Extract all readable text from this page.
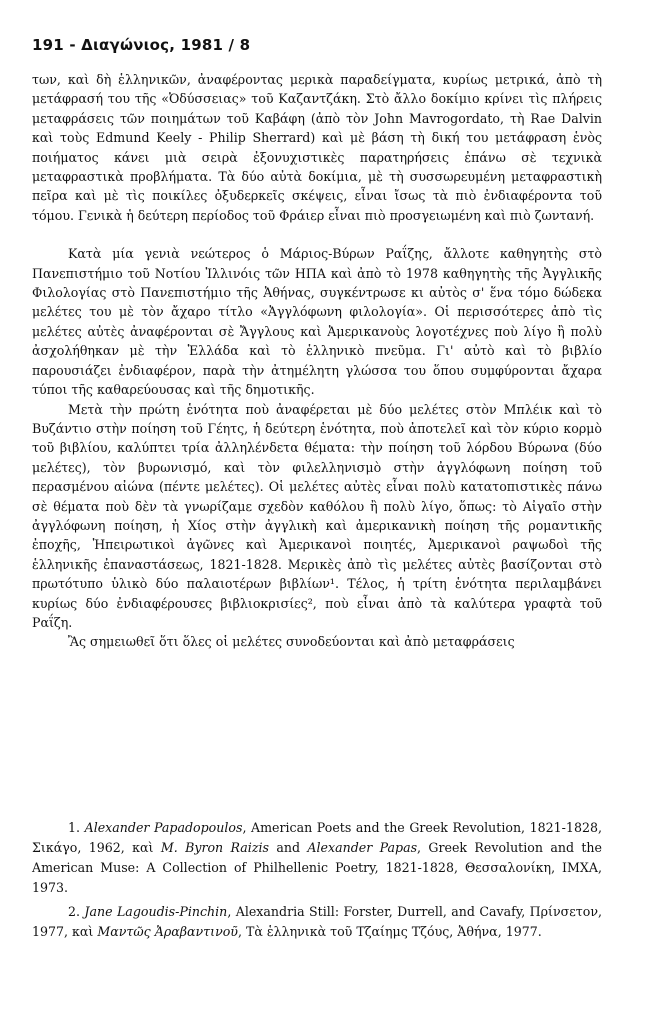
191 - Διαγώνιος, 1981 / 8

των, καὶ δὴ ἑλληνικῶν, ἀναφέροντας μερικὰ παραδείγματα, κυρίως μετρικά, ἀπὸ τὴ μετάφρασή του τῆς «Ὀδύσσειας» τοῦ Καζαντζάκη. Στὸ ἄλλο δοκίμιο κρίνει τὶς πλήρεις μεταφράσεις τῶν ποιημάτων τοῦ Καβάφη (ἀπὸ τὸν John Mavrogordato, τὴ Rae Dalvin καὶ τοὺς Edmund Keely - Philip Sherrard) καὶ μὲ βάση τὴ δική του μετάφραση ἑνὸς ποιήματος κάνει μιὰ σειρὰ ἐξονυχιστικὲς παρατηρήσεις ἐπάνω σὲ τεχνικὰ μεταφραστικὰ προβλήματα. Τὰ δύο αὐτὰ δοκίμια, μὲ τὴ συσσωρευμένη μεταφραστικὴ πεῖρα καὶ μὲ τὶς ποικίλες ὀξυδερκεῖς σκέψεις, εἶναι ἴσως τὰ πιὸ ἐνδιαφέροντα τοῦ τόμου. Γενικὰ ἡ δεύτερη περίοδος τοῦ Φράιερ εἶναι πιὸ προσγειωμένη καὶ πιὸ ζωντανή.

Κατὰ μία γενιὰ νεώτερος ὁ Μάριος-Βύρων Ραΐζης, ἄλλοτε καθηγητὴς στὸ Πανεπιστήμιο τοῦ Νοτίου Ἰλλινόις τῶν ΗΠΑ καὶ ἀπὸ τὸ 1978 καθηγητὴς τῆς Ἀγγλικῆς Φιλολογίας στὸ Πανεπιστήμιο τῆς Ἀθήνας, συγκέντρωσε κι αὐτὸς σ' ἕνα τόμο δώδεκα μελέτες του μὲ τὸν ἄχαρο τίτλο «Ἀγγλόφωνη φιλολογία». Οἱ περισσότερες ἀπὸ τὶς μελέτες αὐτὲς ἀναφέρονται σὲ Ἄγγλους καὶ Ἀμερικανοὺς λογοτέχνες ποὺ λίγο ἢ πολὺ ἀσχολήθηκαν μὲ τὴν Ἑλλάδα καὶ τὸ ἑλληνικὸ πνεῦμα. Γι' αὐτὸ καὶ τὸ βιβλίο παρουσιάζει ἐνδιαφέρον, παρὰ τὴν ἀτημέλητη γλώσσα του ὅπου συμφύρονται ἄχαρα τύποι τῆς καθαρεύουσας καὶ τῆς δημοτικῆς.

Μετὰ τὴν πρώτη ἑνότητα ποὺ ἀναφέρεται μὲ δύο μελέτες στὸν Μπλέικ καὶ τὸ Βυζάντιο στὴν ποίηση τοῦ Γέητς, ἡ δεύτερη ἑνότητα, ποὺ ἀποτελεῖ καὶ τὸν κύριο κορμὸ τοῦ βιβλίου, καλύπτει τρία ἀλληλένδετα θέματα: τὴν ποίηση τοῦ λόρδου Βύρωνα (δύο μελέτες), τὸν βυρωνισμό, καὶ τὸν φιλελληνισμὸ στὴν ἀγγλόφωνη ποίηση τοῦ περασμένου αἰώνα (πέντε μελέτες). Οἱ μελέτες αὐτὲς εἶναι πολὺ κατατοπιστικὲς πάνω σὲ θέματα ποὺ δὲν τὰ γνωρίζαμε σχεδὸν καθόλου ἢ πολὺ λίγο, ὅπως: τὸ Αἰγαῖο στὴν ἀγγλόφωνη ποίηση, ἡ Χίος στὴν ἀγγλικὴ καὶ ἀμερικανικὴ ποίηση τῆς ρομαντικῆς ἐποχῆς, Ἠπειρωτικοὶ ἀγῶνες καὶ Ἀμερικανοὶ ποιητές, Ἀμερικανοὶ ραψωδοὶ τῆς ἑλληνικῆς ἐπαναστάσεως, 1821-1828. Μερικὲς ἀπὸ τὶς μελέτες αὐτὲς βασίζονται στὸ πρωτότυπο ὑλικὸ δύο παλαιοτέρων βιβλίων¹. Τέλος, ἡ τρίτη ἑνότητα περιλαμβάνει κυρίως δύο ἐνδιαφέρουσες βιβλιοκρισίες², ποὺ εἶναι ἀπὸ τὰ καλύτερα γραφτὰ τοῦ Ραΐζη.

Ἂς σημειωθεῖ ὅτι ὅλες οἱ μελέτες συνοδεύονται καὶ ἀπὸ μεταφράσεις

1. Alexander Papadopoulos, American Poets and the Greek Revolution, 1821-1828, Σικάγο, 1962, καὶ M. Byron Raizis and Alexander Papas, Greek Revolution and the American Muse: A Collection of Philhellenic Poetry, 1821-1828, Θεσσαλονίκη, ΙΜΧΑ, 1973.

2. Jane Lagoudis-Pinchin, Alexandria Still: Forster, Durrell, and Cavafy, Πρίνσετον, 1977, καὶ Μαντῶς Ἀραβαντινοῦ, Τὰ ἑλληνικὰ τοῦ Τζαίημς Τζόυς, Ἀθήνα, 1977.
